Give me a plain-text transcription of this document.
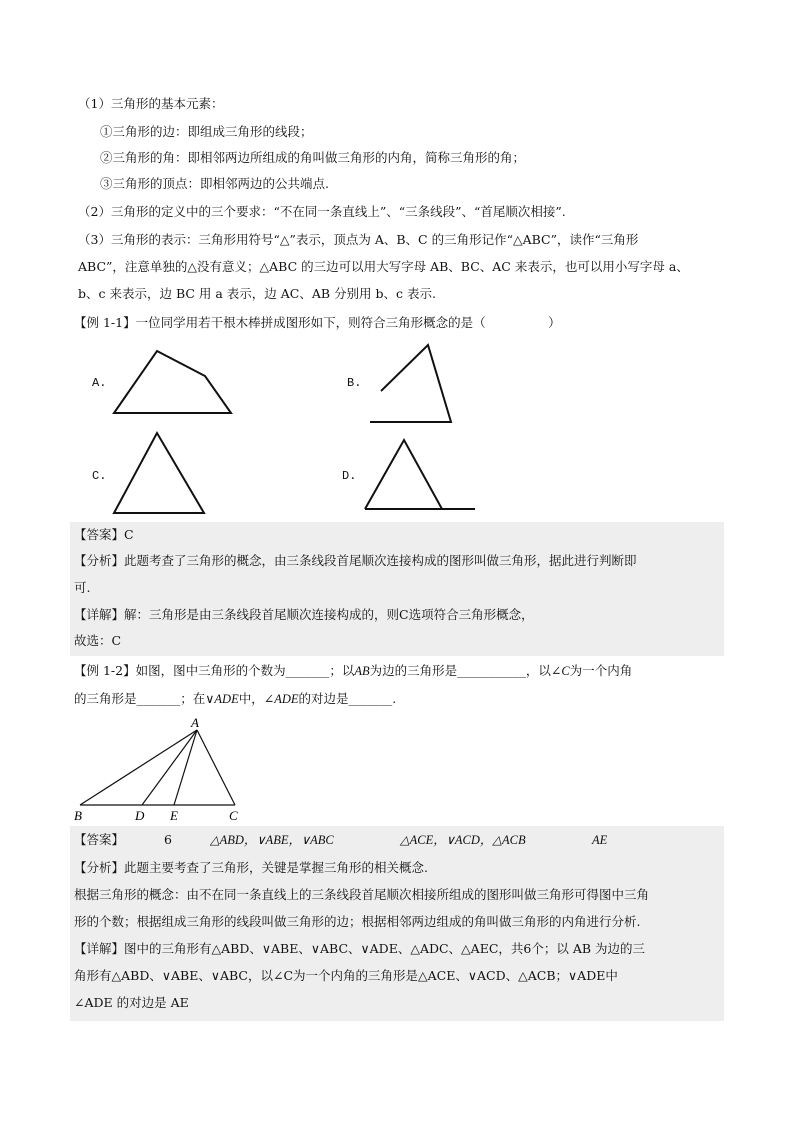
（1）三角形的基本元素：
①三角形的边：即组成三角形的线段；
②三角形的角：即相邻两边所组成的角叫做三角形的内角，简称三角形的角；
③三角形的顶点：即相邻两边的公共端点.
（2）三角形的定义中的三个要求：“不在同一条直线上”、“三条线段”、“首尾顺次相接”.
（3）三角形的表示：三角形用符号“△”表示，顶点为 A、B、C 的三角形记作“△ABC”，读作“三角形
ABC”，注意单独的△没有意义；△ABC 的三边可以用大写字母 AB、BC、AC 来表示，也可以用小写字母 a、
b、c 来表示，边 BC 用 a 表示，边 AC、AB 分别用 b、c 表示.
【例 1-1】一位同学用若干根木棒拼成图形如下，则符合三角形概念的是（　　　　　）
A.	B.
C.	D.
【答案】C
【分析】此题考查了三角形的概念，由三条线段首尾顺次连接构成的图形叫做三角形，据此进行判断即
可.
【详解】解：三角形是由三条线段首尾顺次连接构成的，则C选项符合三角形概念，
故选：C
【例 1-2】如图，图中三角形的个数为_______；以AB为边的三角形是___________，以∠C为一个内角
的三角形是_______；在∨ADE中，∠ADE的对边是_______.
A
B	D E	C
【答案】	6	△ABD，∨ABE，∨ABC	△ACE，∨ACD，△ACB	AE
【分析】此题主要考查了三角形，关键是掌握三角形的相关概念.
根据三角形的概念：由不在同一条直线上的三条线段首尾顺次相接所组成的图形叫做三角形可得图中三角
形的个数；根据组成三角形的线段叫做三角形的边；根据相邻两边组成的角叫做三角形的内角进行分析.
【详解】图中的三角形有△ABD、∨ABE、∨ABC、∨ADE、△ADC、△AEC，共6个；以 AB 为边的三
角形有△ABD、∨ABE、∨ABC，以∠C为一个内角的三角形是△ACE、∨ACD、△ACB；∨ADE中
∠ADE 的对边是 AE
